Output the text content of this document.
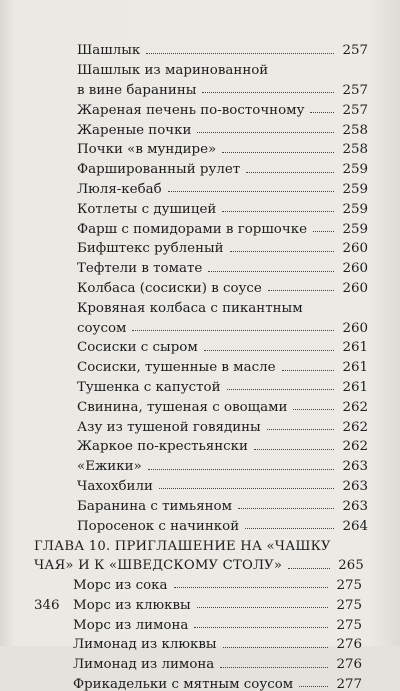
Шашлык	257
Шашлык из маринованной
в вине баранины	257
Жареная печень по-восточному	257
Жареные почки	258
Почки «в мундире»	258
Фаршированный рулет	259
Люля-кебаб	259
Котлеты с душицей	259
Фарш с помидорами в горшочке	259
Бифштекс рубленый	260
Тефтели в томате	260
Колбаса (сосиски) в соусе	260
Кровяная колбаса с пикантным
соусом	260
Сосиски с сыром	261
Сосиски, тушенные в масле	261
Тушенка с капустой	261
Свинина, тушеная с овощами	262
Азу из тушеной говядины	262
Жаркое по-крестьянски	262
«Ежики»	263
Чахохбили	263
Баранина с тимьяном	263
Поросенок с начинкой	264
ГЛАВА 10. ПРИГЛАШЕНИЕ НА «ЧАШКУ
ЧАЯ» И К «ШВЕДСКОМУ СТОЛУ»	265
Морс из сока	275
Морс из клюквы	275
Морс из лимона	275
Лимонад из клюквы	276
Лимонад из лимона	276
Фрикадельки с мятным соусом	277
346
